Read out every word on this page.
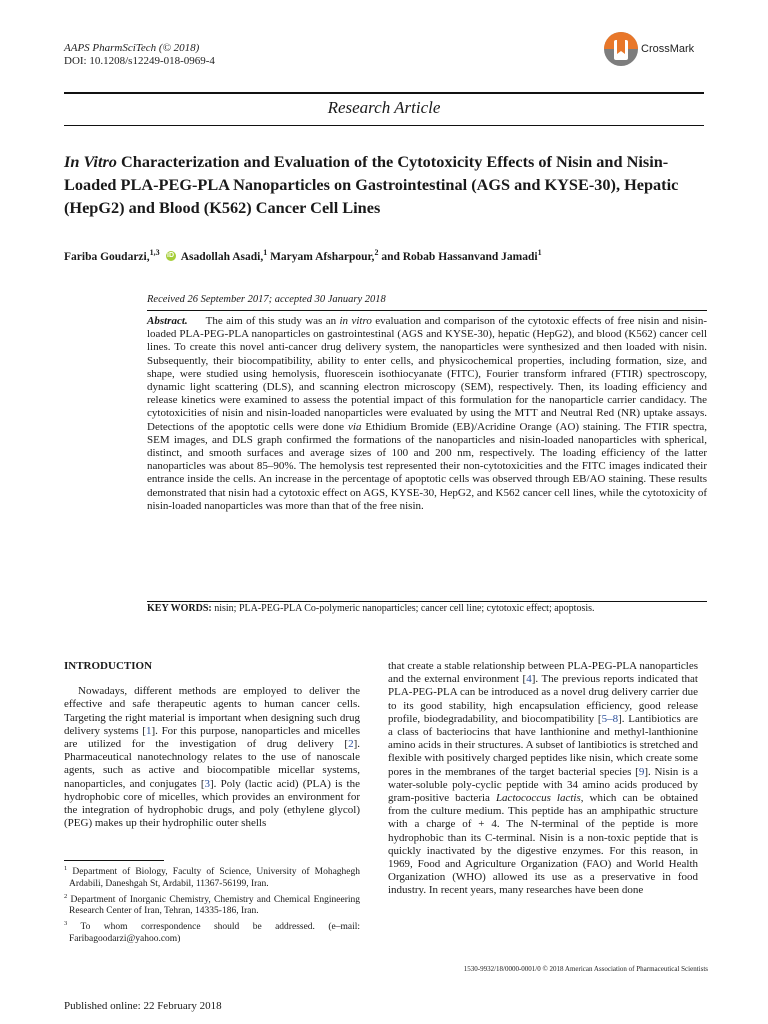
AAPS PharmSciTech (© 2018)
DOI: 10.1208/s12249-018-0969-4
CrossMark
Research Article
In Vitro Characterization and Evaluation of the Cytotoxicity Effects of Nisin and Nisin-Loaded PLA-PEG-PLA Nanoparticles on Gastrointestinal (AGS and KYSE-30), Hepatic (HepG2) and Blood (K562) Cancer Cell Lines
Fariba Goudarzi,$^{1,3}$ iD Asadollah Asadi,$^1$ Maryam Afsharpour,$^2$ and Robab Hassanvand Jamadi$^1$
Received 26 September 2017; accepted 30 January 2018
Abstract. The aim of this study was an in vitro evaluation and comparison of the cytotoxic effects of free nisin and nisin-loaded PLA-PEG-PLA nanoparticles on gastrointestinal (AGS and KYSE-30), hepatic (HepG2), and blood (K562) cancer cell lines. To create this novel anti-cancer drug delivery system, the nanoparticles were synthesized and then loaded with nisin. Subsequently, their biocompatibility, ability to enter cells, and physicochemical properties, including formation, size, and shape, were studied using hemolysis, fluorescein isothiocyanate (FITC), Fourier transform infrared (FTIR) spectroscopy, dynamic light scattering (DLS), and scanning electron microscopy (SEM), respectively. Then, its loading efficiency and release kinetics were examined to assess the potential impact of this formulation for the nanoparticle carrier candidacy. The cytotoxicities of nisin and nisin-loaded nanoparticles were evaluated by using the MTT and Neutral Red (NR) uptake assays. Detections of the apoptotic cells were done via Ethidium Bromide (EB)/Acridine Orange (AO) staining. The FTIR spectra, SEM images, and DLS graph confirmed the formations of the nanoparticles and nisin-loaded nanoparticles with spherical, distinct, and smooth surfaces and average sizes of 100 and 200 nm, respectively. The loading efficiency of the latter nanoparticles was about 85–90%. The hemolysis test represented their non-cytotoxicities and the FITC images indicated their entrance inside the cells. An increase in the percentage of apoptotic cells was observed through EB/AO staining. These results demonstrated that nisin had a cytotoxic effect on AGS, KYSE-30, HepG2, and K562 cancer cell lines, while the cytotoxicity of nisin-loaded nanoparticles was more than that of the free nisin.
KEY WORDS: nisin; PLA-PEG-PLA Co-polymeric nanoparticles; cancer cell line; cytotoxic effect; apoptosis.
INTRODUCTION

Nowadays, different methods are employed to deliver the effective and safe therapeutic agents to human cancer cells. Targeting the right material is important when designing such drug delivery systems [1]. For this purpose, nanoparticles and micelles are utilized for the investigation of drug delivery [2]. Pharmaceutical nanotechnology relates to the use of nanoscale agents, such as active and biocompatible micellar systems, nanoparticles, and conjugates [3]. Poly (lactic acid) (PLA) is the hydrophobic core of micelles, which provides an environment for the integration of hydrophobic drugs, and poly (ethylene glycol) (PEG) makes up their hydrophilic outer shells

that create a stable relationship between PLA-PEG-PLA nanoparticles and the external environment [4]. The previous reports indicated that PLA-PEG-PLA can be introduced as a novel drug delivery carrier due to its good stability, high encapsulation efficiency, good release profile, biodegradability, and biocompatibility [5–8]. Lantibiotics are a class of bacteriocins that have lanthionine and methyl-lanthionine amino acids in their structures. A subset of lantibiotics is stretched and flexible with positively charged peptides like nisin, which create some pores in the membranes of the target bacterial species [9]. Nisin is a water-soluble poly-cyclic peptide with 34 amino acids produced by gram-positive bacteria Lactococcus lactis, which can be obtained from the culture medium. This peptide has an amphipathic structure with a charge of + 4. The N-terminal of the peptide is more hydrophobic than its C-terminal. Nisin is a non-toxic peptide that is quickly inactivated by the digestive enzymes. For this reason, in 1969, Food and Agriculture Organization (FAO) and World Health Organization (WHO) allowed its use as a preservative in food industry. In recent years, many researches have been done

$^1$ Department of Biology, Faculty of Science, University of Mohaghegh Ardabili, Daneshgah St, Ardabil, 11367-56199, Iran.

$^2$ Department of Inorganic Chemistry, Chemistry and Chemical Engineering Research Center of Iran, Tehran, 14335-186, Iran.

$^3$ To whom correspondence should be addressed. (e–mail: Faribagoodarzi@yahoo.com)

1530-9932/18/0000-0001/0 © 2018 American Association of Pharmaceutical Scientists
Published online: 22 February 2018
